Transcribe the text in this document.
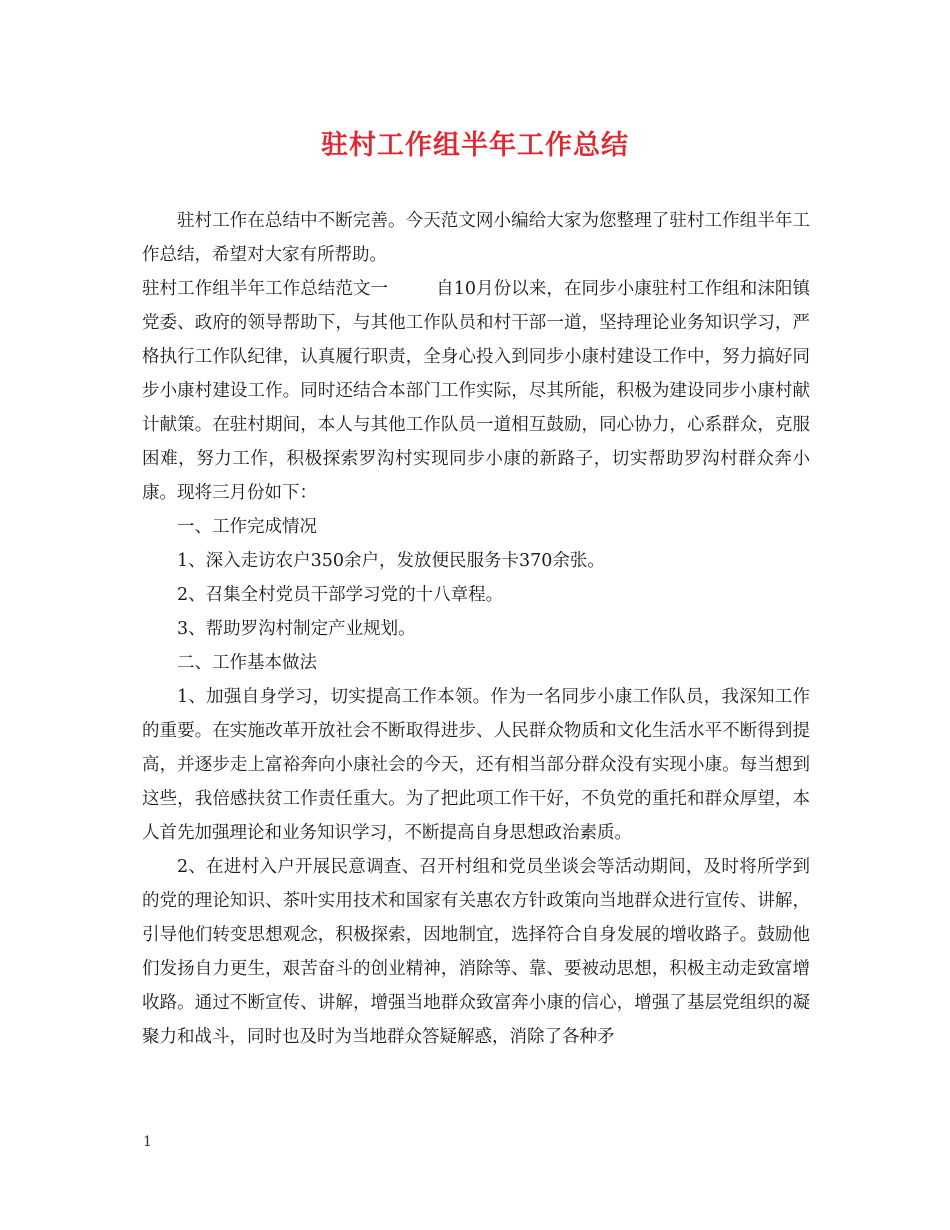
驻村工作组半年工作总结

驻村工作在总结中不断完善。今天范文网小编给大家为您整理了驻村工作组半年工作总结，希望对大家有所帮助。

驻村工作组半年工作总结范文一	自10月份以来，在同步小康驻村工作组和沫阳镇党委、政府的领导帮助下，与其他工作队员和村干部一道，坚持理论业务知识学习，严格执行工作队纪律，认真履行职责，全身心投入到同步小康村建设工作中，努力搞好同步小康村建设工作。同时还结合本部门工作实际，尽其所能，积极为建设同步小康村献计献策。在驻村期间，本人与其他工作队员一道相互鼓励，同心协力，心系群众，克服困难，努力工作，积极探索罗沟村实现同步小康的新路子，切实帮助罗沟村群众奔小康。现将三月份如下：

一、工作完成情况

1、深入走访农户350余户，发放便民服务卡370余张。

2、召集全村党员干部学习党的十八章程。

3、帮助罗沟村制定产业规划。

二、工作基本做法

1、加强自身学习，切实提高工作本领。作为一名同步小康工作队员，我深知工作的重要。在实施改革开放社会不断取得进步、人民群众物质和文化生活水平不断得到提高，并逐步走上富裕奔向小康社会的今天，还有相当部分群众没有实现小康。每当想到这些，我倍感扶贫工作责任重大。为了把此项工作干好，不负党的重托和群众厚望，本人首先加强理论和业务知识学习，不断提高自身思想政治素质。

2、在进村入户开展民意调查、召开村组和党员坐谈会等活动期间，及时将所学到的党的理论知识、茶叶实用技术和国家有关惠农方针政策向当地群众进行宣传、讲解，引导他们转变思想观念，积极探索，因地制宜，选择符合自身发展的增收路子。鼓励他们发扬自力更生，艰苦奋斗的创业精神，消除等、靠、要被动思想，积极主动走致富增收路。通过不断宣传、讲解，增强当地群众致富奔小康的信心，增强了基层党组织的凝聚力和战斗，同时也及时为当地群众答疑解惑，消除了各种矛

1
